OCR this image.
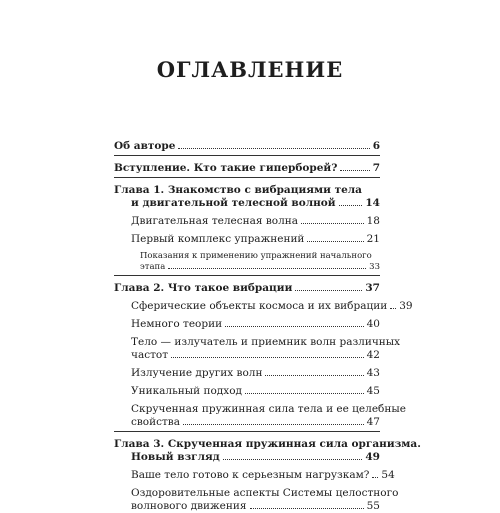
ОГЛАВЛЕНИЕ
Об авторе	6
Вступление. Кто такие гиперборей?	7
Глава 1. Знакомство с вибрациями тела
и двигательной телесной волной	14
Двигательная телесная волна	18
Первый комплекс упражнений	21
Показания к применению упражнений начального
этапа	33
Глава 2. Что такое вибрации	37
Сферические объекты космоса и их вибрации 39
Немного теории	40
Тело — излучатель и приемник волн различных
частот	42
Излучение других волн	43
Уникальный подход	45
Скрученная пружинная сила тела и ее целебные
свойства	47
Глава 3. Скрученная пружинная сила организма.
Новый взгляд	49
Ваше тело готово к серьезным нагрузкам? 54
Оздоровительные аспекты Системы целостного
волнового движения	55
